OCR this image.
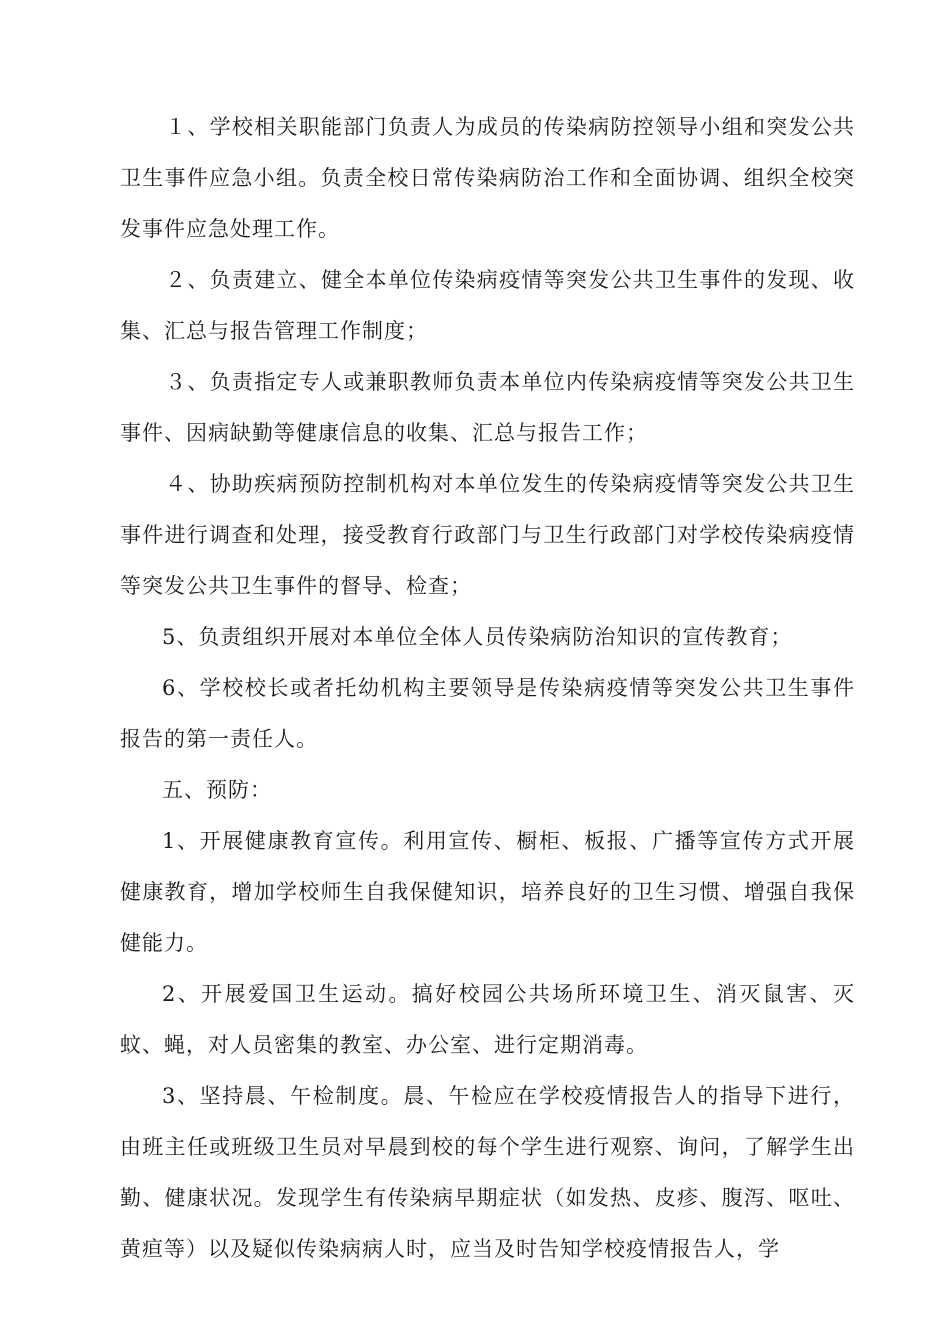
１、学校相关职能部门负责人为成员的传染病防控领导小组和突发公共卫生事件应急小组。负责全校日常传染病防治工作和全面协调、组织全校突发事件应急处理工作。

２、负责建立、健全本单位传染病疫情等突发公共卫生事件的发现、收集、汇总与报告管理工作制度；

３、负责指定专人或兼职教师负责本单位内传染病疫情等突发公共卫生事件、因病缺勤等健康信息的收集、汇总与报告工作；

４、协助疾病预防控制机构对本单位发生的传染病疫情等突发公共卫生事件进行调查和处理，接受教育行政部门与卫生行政部门对学校传染病疫情等突发公共卫生事件的督导、检查；

5、负责组织开展对本单位全体人员传染病防治知识的宣传教育；

6、学校校长或者托幼机构主要领导是传染病疫情等突发公共卫生事件报告的第一责任人。

五、预防：

1、开展健康教育宣传。利用宣传、橱柜、板报、广播等宣传方式开展健康教育，增加学校师生自我保健知识，培养良好的卫生习惯、增强自我保健能力。

2、开展爱国卫生运动。搞好校园公共场所环境卫生、消灭鼠害、灭蚊、蝇，对人员密集的教室、办公室、进行定期消毒。

3、坚持晨、午检制度。晨、午检应在学校疫情报告人的指导下进行，由班主任或班级卫生员对早晨到校的每个学生进行观察、询问，了解学生出勤、健康状况。发现学生有传染病早期症状（如发热、皮疹、腹泻、呕吐、黄疸等）以及疑似传染病病人时，应当及时告知学校疫情报告人，学
